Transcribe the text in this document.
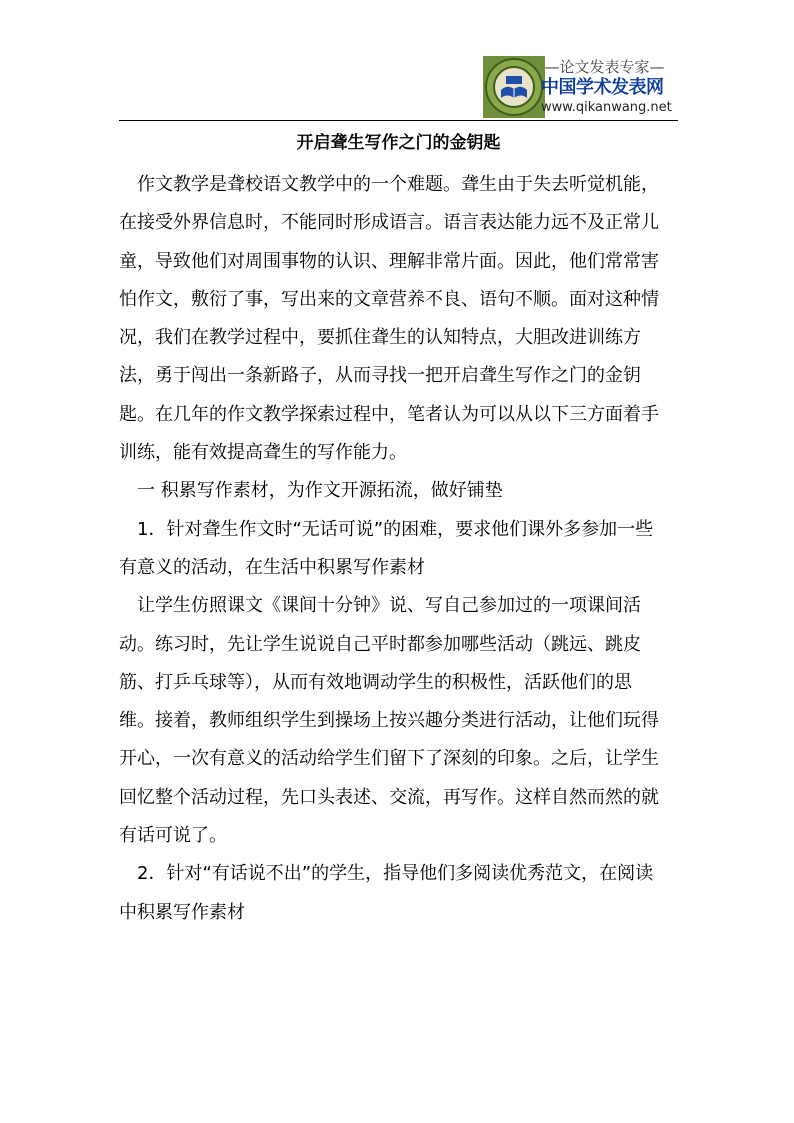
—论文发表专家—
中国学术发表网
www.qikanwang.net
开启聋生写作之门的金钥匙

作文教学是聋校语文教学中的一个难题。聋生由于失去听觉机能，在接受外界信息时，不能同时形成语言。语言表达能力远不及正常儿童，导致他们对周围事物的认识、理解非常片面。因此，他们常常害怕作文，敷衍了事，写出来的文章营养不良、语句不顺。面对这种情况，我们在教学过程中，要抓住聋生的认知特点，大胆改进训练方法，勇于闯出一条新路子，从而寻找一把开启聋生写作之门的金钥匙。在几年的作文教学探索过程中，笔者认为可以从以下三方面着手训练，能有效提高聋生的写作能力。

一 积累写作素材，为作文开源拓流，做好铺垫

1．针对聋生作文时“无话可说”的困难，要求他们课外多参加一些有意义的活动，在生活中积累写作素材

让学生仿照课文《课间十分钟》说、写自己参加过的一项课间活动。练习时，先让学生说说自己平时都参加哪些活动（跳远、跳皮筋、打乒乓球等），从而有效地调动学生的积极性，活跃他们的思维。接着，教师组织学生到操场上按兴趣分类进行活动，让他们玩得开心，一次有意义的活动给学生们留下了深刻的印象。之后，让学生回忆整个活动过程，先口头表述、交流，再写作。这样自然而然的就有话可说了。

2．针对“有话说不出”的学生，指导他们多阅读优秀范文，在阅读中积累写作素材
